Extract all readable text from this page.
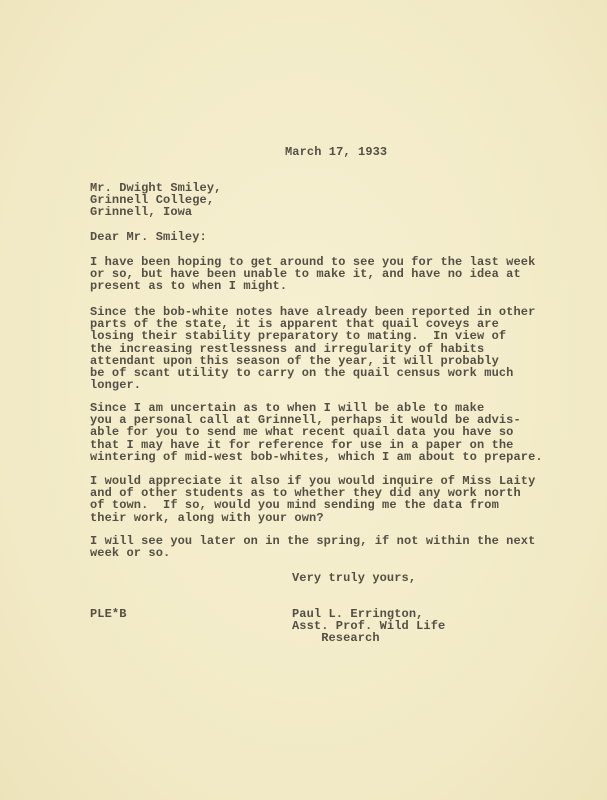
March 17, 1933
Mr. Dwight Smiley,
Grinnell College,
Grinnell, Iowa
Dear Mr. Smiley:
I have been hoping to get around to see you for the last week
or so, but have been unable to make it, and have no idea at
present as to when I might.
Since the bob-white notes have already been reported in other
parts of the state, it is apparent that quail coveys are
losing their stability preparatory to mating.  In view of
the increasing restlessness and irregularity of habits
attendant upon this season of the year, it will probably
be of scant utility to carry on the quail census work much
longer.
Since I am uncertain as to when I will be able to make
you a personal call at Grinnell, perhaps it would be advis-
able for you to send me what recent quail data you have so
that I may have it for reference for use in a paper on the
wintering of mid-west bob-whites, which I am about to prepare.
I would appreciate it also if you would inquire of Miss Laity
and of other students as to whether they did any work north
of town.  If so, would you mind sending me the data from
their work, along with your own?
I will see you later on in the spring, if not within the next
week or so.
Very truly yours,
PLE*B	Paul L. Errington,
Asst. Prof. Wild Life
Research
